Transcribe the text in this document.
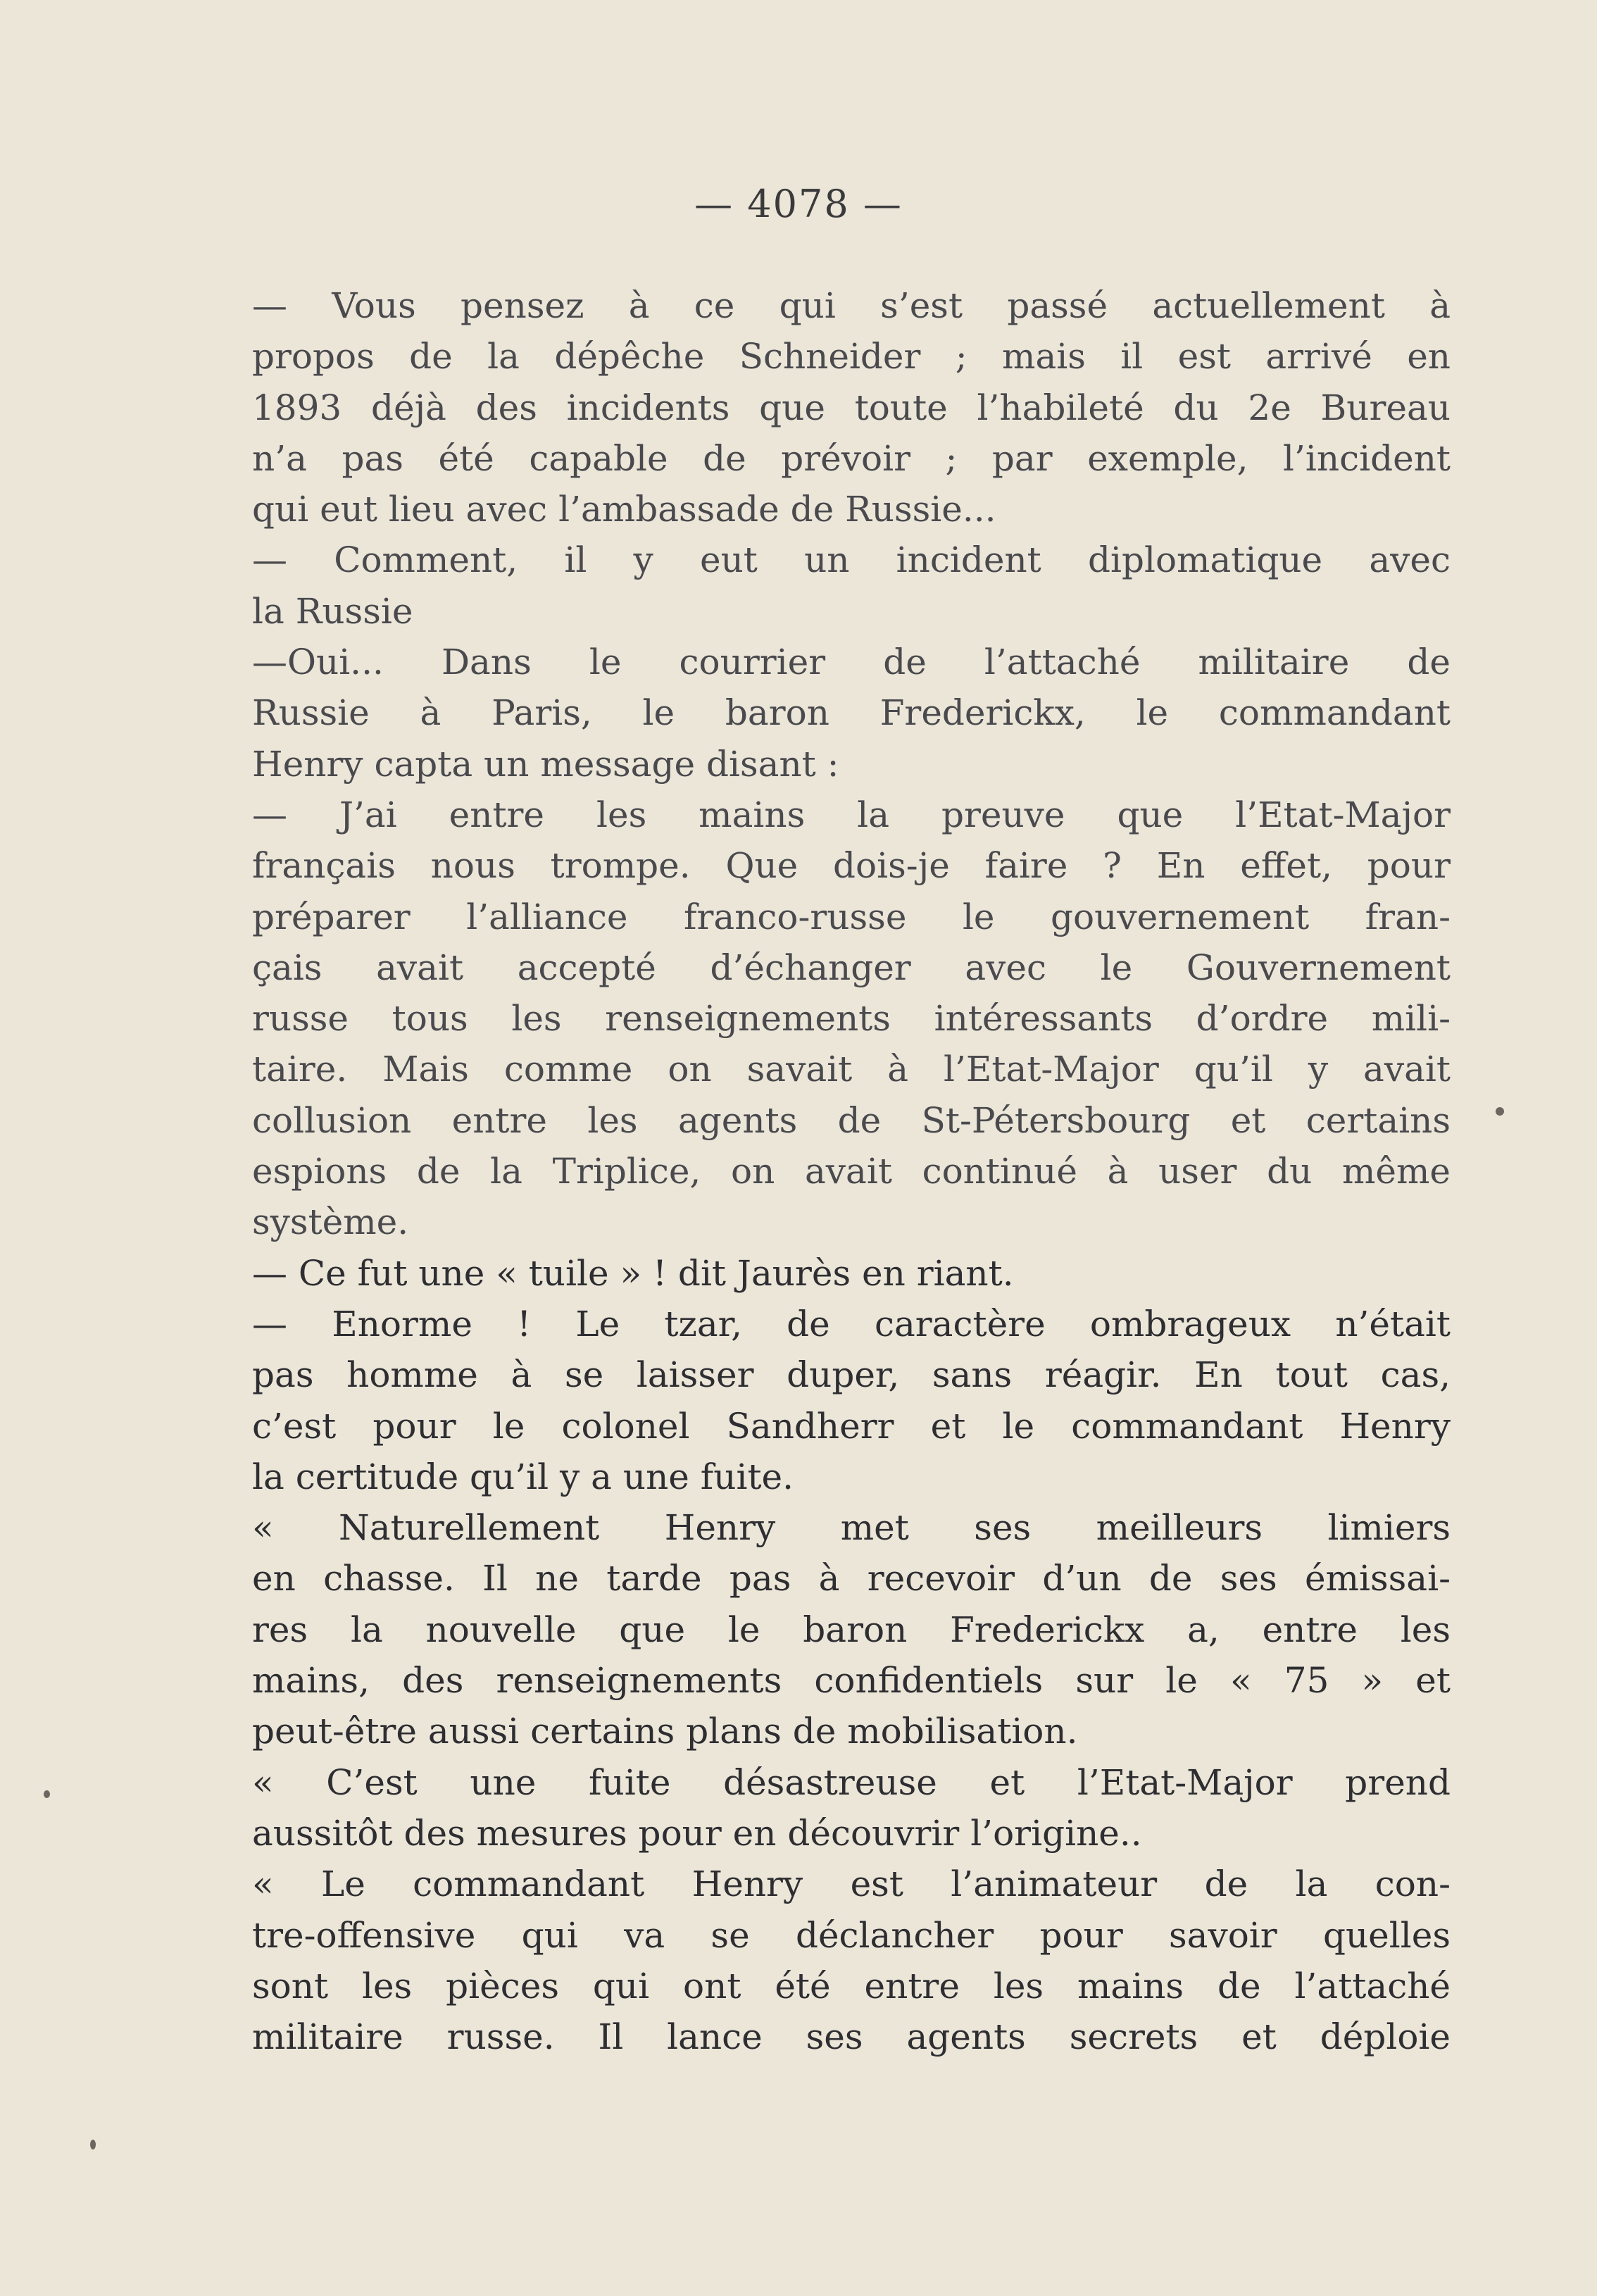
— 4078 —
— Vous pensez à ce qui s’est passé actuellement à
propos de la dépêche Schneider ; mais il est arrivé en
1893 déjà des incidents que toute l’habileté du 2e Bureau
n’a pas été capable de prévoir ; par exemple, l’incident
qui eut lieu avec l’ambassade de Russie...
— Comment, il y eut un incident diplomatique avec
la Russie
—Oui... Dans le courrier de l’attaché militaire de
Russie à Paris, le baron Frederickx, le commandant
Henry capta un message disant :
— J’ai entre les mains la preuve que l’Etat-Major
français nous trompe. Que dois-je faire ? En effet, pour
préparer l’alliance franco-russe le gouvernement fran-
çais avait accepté d’échanger avec le Gouvernement
russe tous les renseignements intéressants d’ordre mili-
taire. Mais comme on savait à l’Etat-Major qu’il y avait
collusion entre les agents de St-Pétersbourg et certains
espions de la Triplice, on avait continué à user du même
système.
— Ce fut une « tuile » ! dit Jaurès en riant.
— Enorme ! Le tzar, de caractère ombrageux n’était
pas homme à se laisser duper, sans réagir. En tout cas,
c’est pour le colonel Sandherr et le commandant Henry
la certitude qu’il y a une fuite.
« Naturellement Henry met ses meilleurs limiers
en chasse. Il ne tarde pas à recevoir d’un de ses émissai-
res la nouvelle que le baron Frederickx a, entre les
mains, des renseignements confidentiels sur le « 75 » et
peut-être aussi certains plans de mobilisation.
« C’est une fuite désastreuse et l’Etat-Major prend
aussitôt des mesures pour en découvrir l’origine..
« Le commandant Henry est l’animateur de la con-
tre-offensive qui va se déclancher pour savoir quelles
sont les pièces qui ont été entre les mains de l’attaché
militaire russe. Il lance ses agents secrets et déploie
